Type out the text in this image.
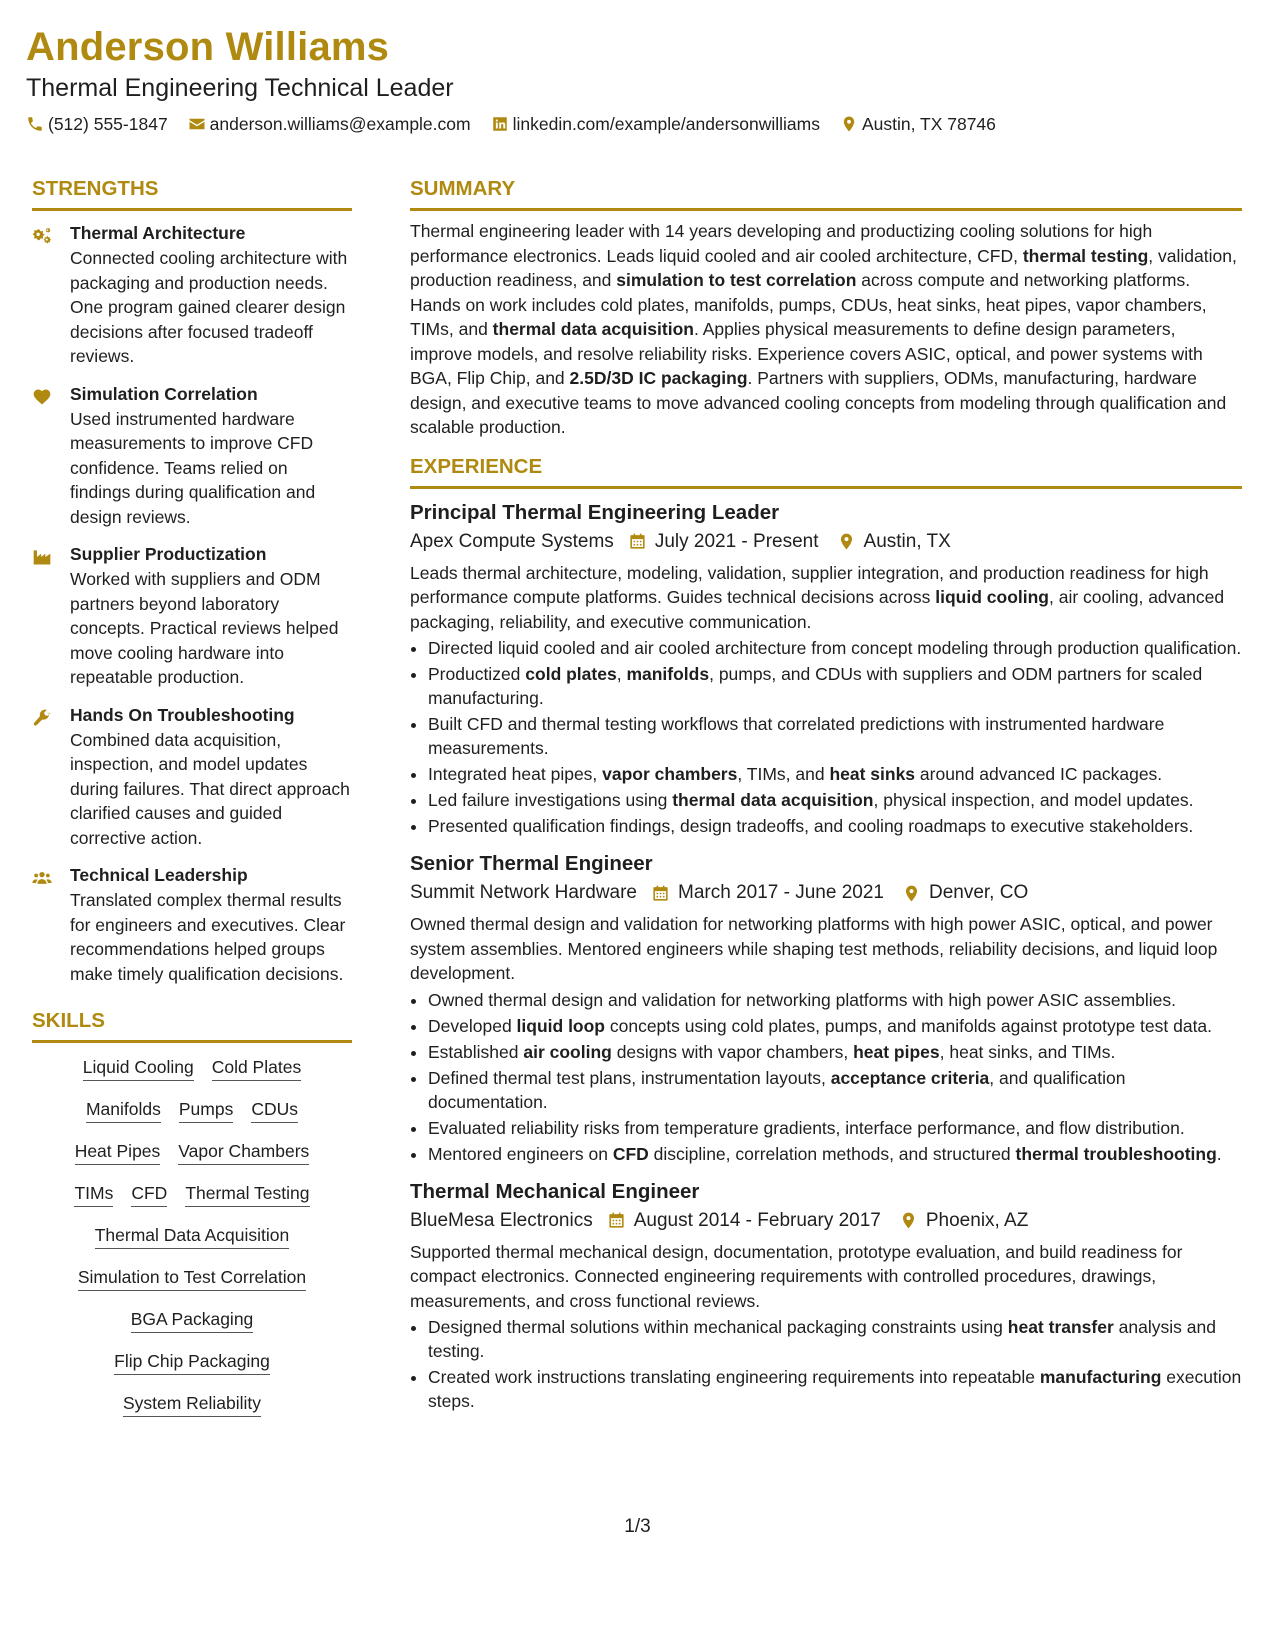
Anderson Williams

Thermal Engineering Technical Leader

(512) 555-1847 anderson.williams@example.com linkedin.com/example/andersonwilliams Austin, TX 78746
STRENGTHS
Thermal Architecture
Connected cooling architecture with packaging and production needs. One program gained clearer design decisions after focused tradeoff reviews.
Simulation Correlation
Used instrumented hardware measurements to improve CFD confidence. Teams relied on findings during qualification and design reviews.
Supplier Productization
Worked with suppliers and ODM partners beyond laboratory concepts. Practical reviews helped move cooling hardware into repeatable production.
Hands On Troubleshooting
Combined data acquisition, inspection, and model updates during failures. That direct approach clarified causes and guided corrective action.
Technical Leadership
Translated complex thermal results for engineers and executives. Clear recommendations helped groups make timely qualification decisions.
SKILLS
Liquid Cooling Cold Plates
Manifolds Pumps CDUs
Heat Pipes Vapor Chambers
TIMs CFD Thermal Testing
Thermal Data Acquisition
Simulation to Test Correlation
BGA Packaging
Flip Chip Packaging
System Reliability
SUMMARY

Thermal engineering leader with 14 years developing and productizing cooling solutions for high performance electronics. Leads liquid cooled and air cooled architecture, CFD, thermal testing, validation, production readiness, and simulation to test correlation across compute and networking platforms. Hands on work includes cold plates, manifolds, pumps, CDUs, heat sinks, heat pipes, vapor chambers, TIMs, and thermal data acquisition. Applies physical measurements to define design parameters, improve models, and resolve reliability risks. Experience covers ASIC, optical, and power systems with BGA, Flip Chip, and 2.5D/3D IC packaging. Partners with suppliers, ODMs, manufacturing, hardware design, and executive teams to move advanced cooling concepts from modeling through qualification and scalable production.

EXPERIENCE
Principal Thermal Engineering Leader
Apex Compute Systems July 2021 - Present Austin, TX

Leads thermal architecture, modeling, validation, supplier integration, and production readiness for high performance compute platforms. Guides technical decisions across liquid cooling, air cooling, advanced packaging, reliability, and executive communication.

• Directed liquid cooled and air cooled architecture from concept modeling through production qualification.
• Productized cold plates, manifolds, pumps, and CDUs with suppliers and ODM partners for scaled manufacturing.
• Built CFD and thermal testing workflows that correlated predictions with instrumented hardware measurements.
• Integrated heat pipes, vapor chambers, TIMs, and heat sinks around advanced IC packages.
• Led failure investigations using thermal data acquisition, physical inspection, and model updates.
• Presented qualification findings, design tradeoffs, and cooling roadmaps to executive stakeholders.
Senior Thermal Engineer
Summit Network Hardware March 2017 - June 2021 Denver, CO

Owned thermal design and validation for networking platforms with high power ASIC, optical, and power system assemblies. Mentored engineers while shaping test methods, reliability decisions, and liquid loop development.

• Owned thermal design and validation for networking platforms with high power ASIC assemblies.
• Developed liquid loop concepts using cold plates, pumps, and manifolds against prototype test data.
• Established air cooling designs with vapor chambers, heat pipes, heat sinks, and TIMs.
• Defined thermal test plans, instrumentation layouts, acceptance criteria, and qualification documentation.
• Evaluated reliability risks from temperature gradients, interface performance, and flow distribution.
• Mentored engineers on CFD discipline, correlation methods, and structured thermal troubleshooting.
Thermal Mechanical Engineer
BlueMesa Electronics August 2014 - February 2017 Phoenix, AZ

Supported thermal mechanical design, documentation, prototype evaluation, and build readiness for compact electronics. Connected engineering requirements with controlled procedures, drawings, measurements, and cross functional reviews.

• Designed thermal solutions within mechanical packaging constraints using heat transfer analysis and testing.
• Created work instructions translating engineering requirements into repeatable manufacturing execution steps.
1/3
